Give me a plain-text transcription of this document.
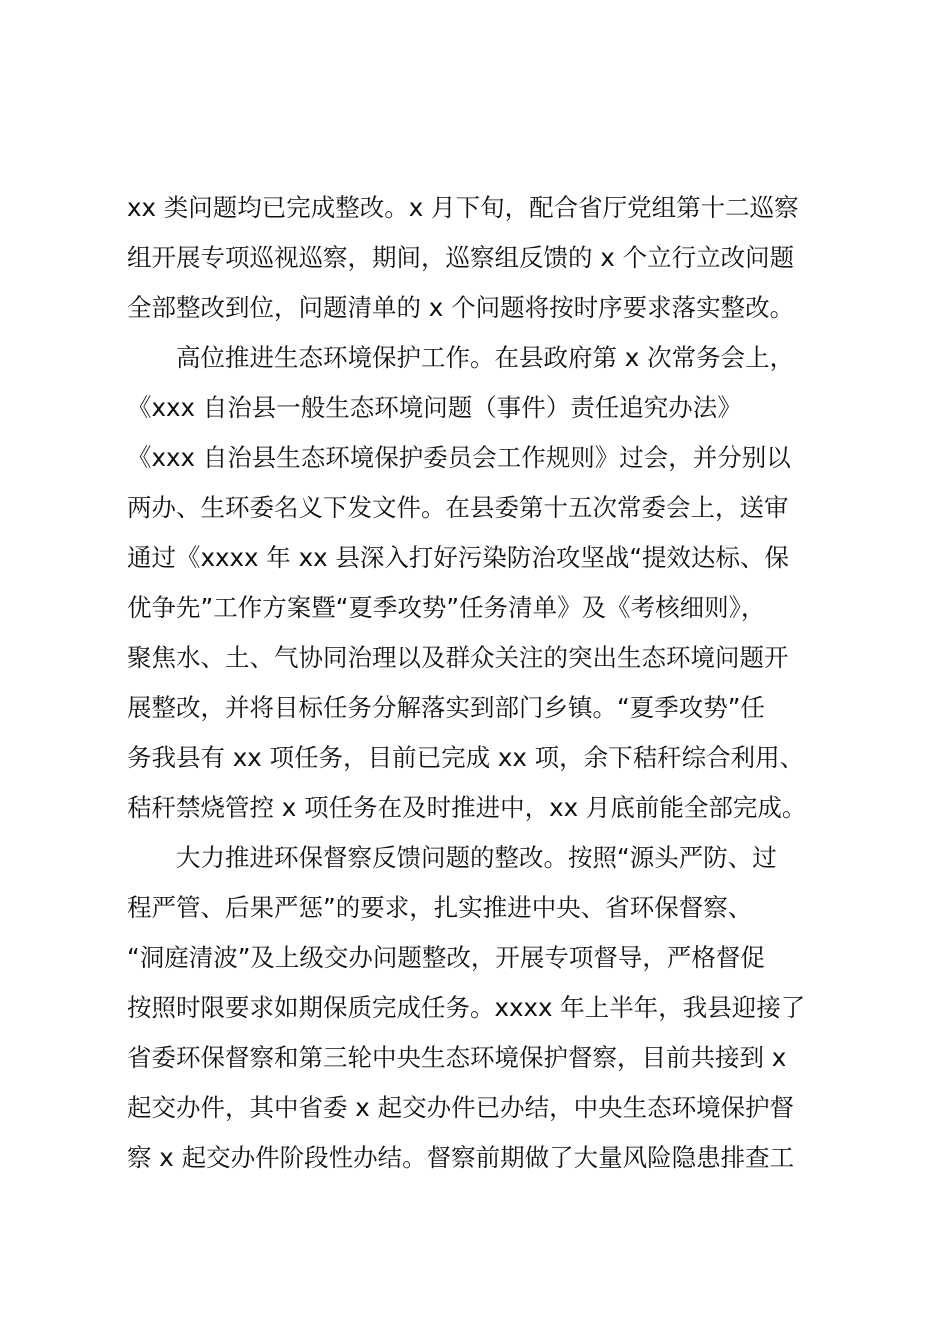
xx 类问题均已完成整改。x 月下旬，配合省厅党组第十二巡察
组开展专项巡视巡察，期间，巡察组反馈的 x 个立行立改问题
全部整改到位，问题清单的 x 个问题将按时序要求落实整改。
　　高位推进生态环境保护工作。在县政府第 x 次常务会上，
《xxx 自治县一般生态环境问题（事件）责任追究办法》
《xxx 自治县生态环境保护委员会工作规则》过会，并分别以
两办、生环委名义下发文件。在县委第十五次常委会上，送审
通过《xxxx 年 xx 县深入打好污染防治攻坚战“提效达标、保
优争先”工作方案暨“夏季攻势”任务清单》及《考核细则》，
聚焦水、土、气协同治理以及群众关注的突出生态环境问题开
展整改，并将目标任务分解落实到部门乡镇。“夏季攻势”任
务我县有 xx 项任务，目前已完成 xx 项，余下秸秆综合利用、
秸秆禁烧管控 x 项任务在及时推进中，xx 月底前能全部完成。
　　大力推进环保督察反馈问题的整改。按照“源头严防、过
程严管、后果严惩”的要求，扎实推进中央、省环保督察、
“洞庭清波”及上级交办问题整改，开展专项督导，严格督促
按照时限要求如期保质完成任务。xxxx 年上半年，我县迎接了
省委环保督察和第三轮中央生态环境保护督察，目前共接到 x
起交办件，其中省委 x 起交办件已办结，中央生态环境保护督
察 x 起交办件阶段性办结。督察前期做了大量风险隐患排查工
